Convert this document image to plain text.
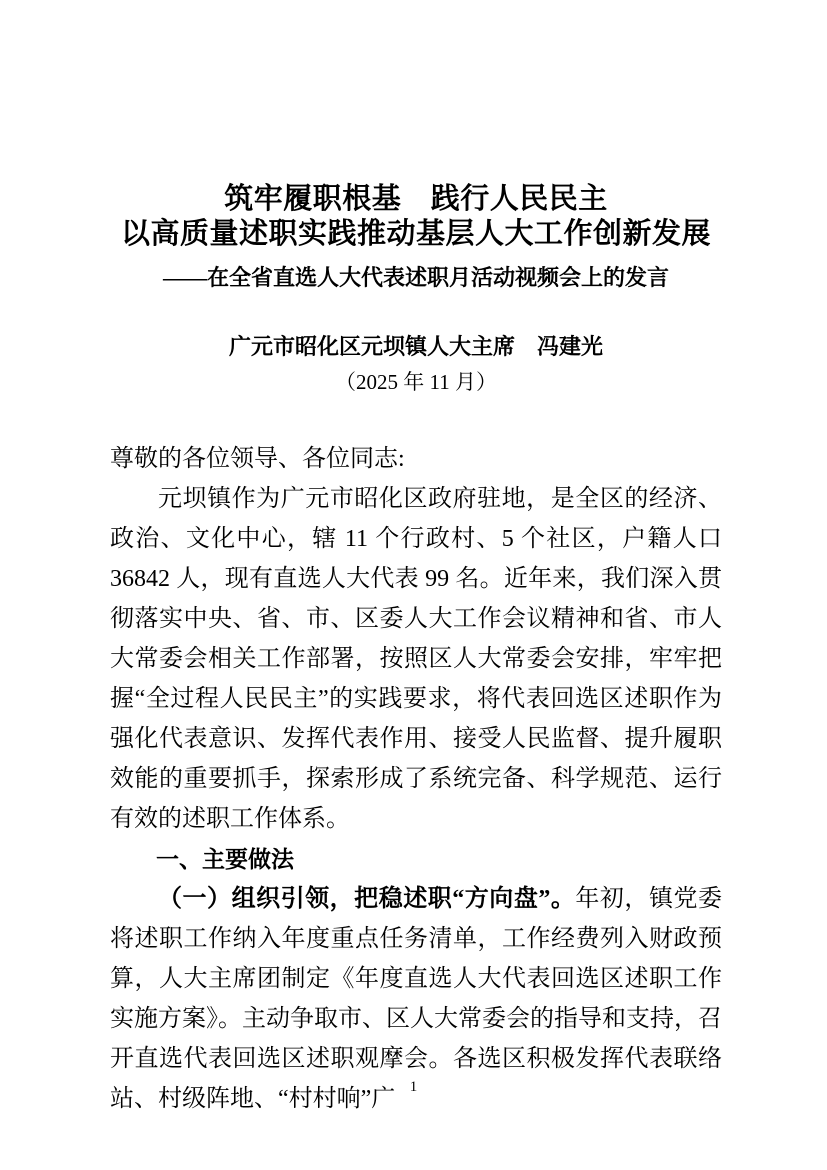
筑牢履职根基　践行人民民主
以高质量述职实践推动基层人大工作创新发展
——在全省直选人大代表述职月活动视频会上的发言
广元市昭化区元坝镇人大主席　冯建光
（2025 年 11 月）

尊敬的各位领导、各位同志:

元坝镇作为广元市昭化区政府驻地，是全区的经济、政治、文化中心，辖 11 个行政村、5 个社区，户籍人口 36842 人，现有直选人大代表 99 名。近年来，我们深入贯彻落实中央、省、市、区委人大工作会议精神和省、市人大常委会相关工作部署，按照区人大常委会安排，牢牢把握“全过程人民民主”的实践要求，将代表回选区述职作为强化代表意识、发挥代表作用、接受人民监督、提升履职效能的重要抓手，探索形成了系统完备、科学规范、运行有效的述职工作体系。

一、主要做法

（一）组织引领，把稳述职“方向盘”。年初，镇党委将述职工作纳入年度重点任务清单，工作经费列入财政预算，人大主席团制定《年度直选人大代表回选区述职工作实施方案》。主动争取市、区人大常委会的指导和支持，召开直选代表回选区述职观摩会。各选区积极发挥代表联络站、村级阵地、“村村响”广 1
